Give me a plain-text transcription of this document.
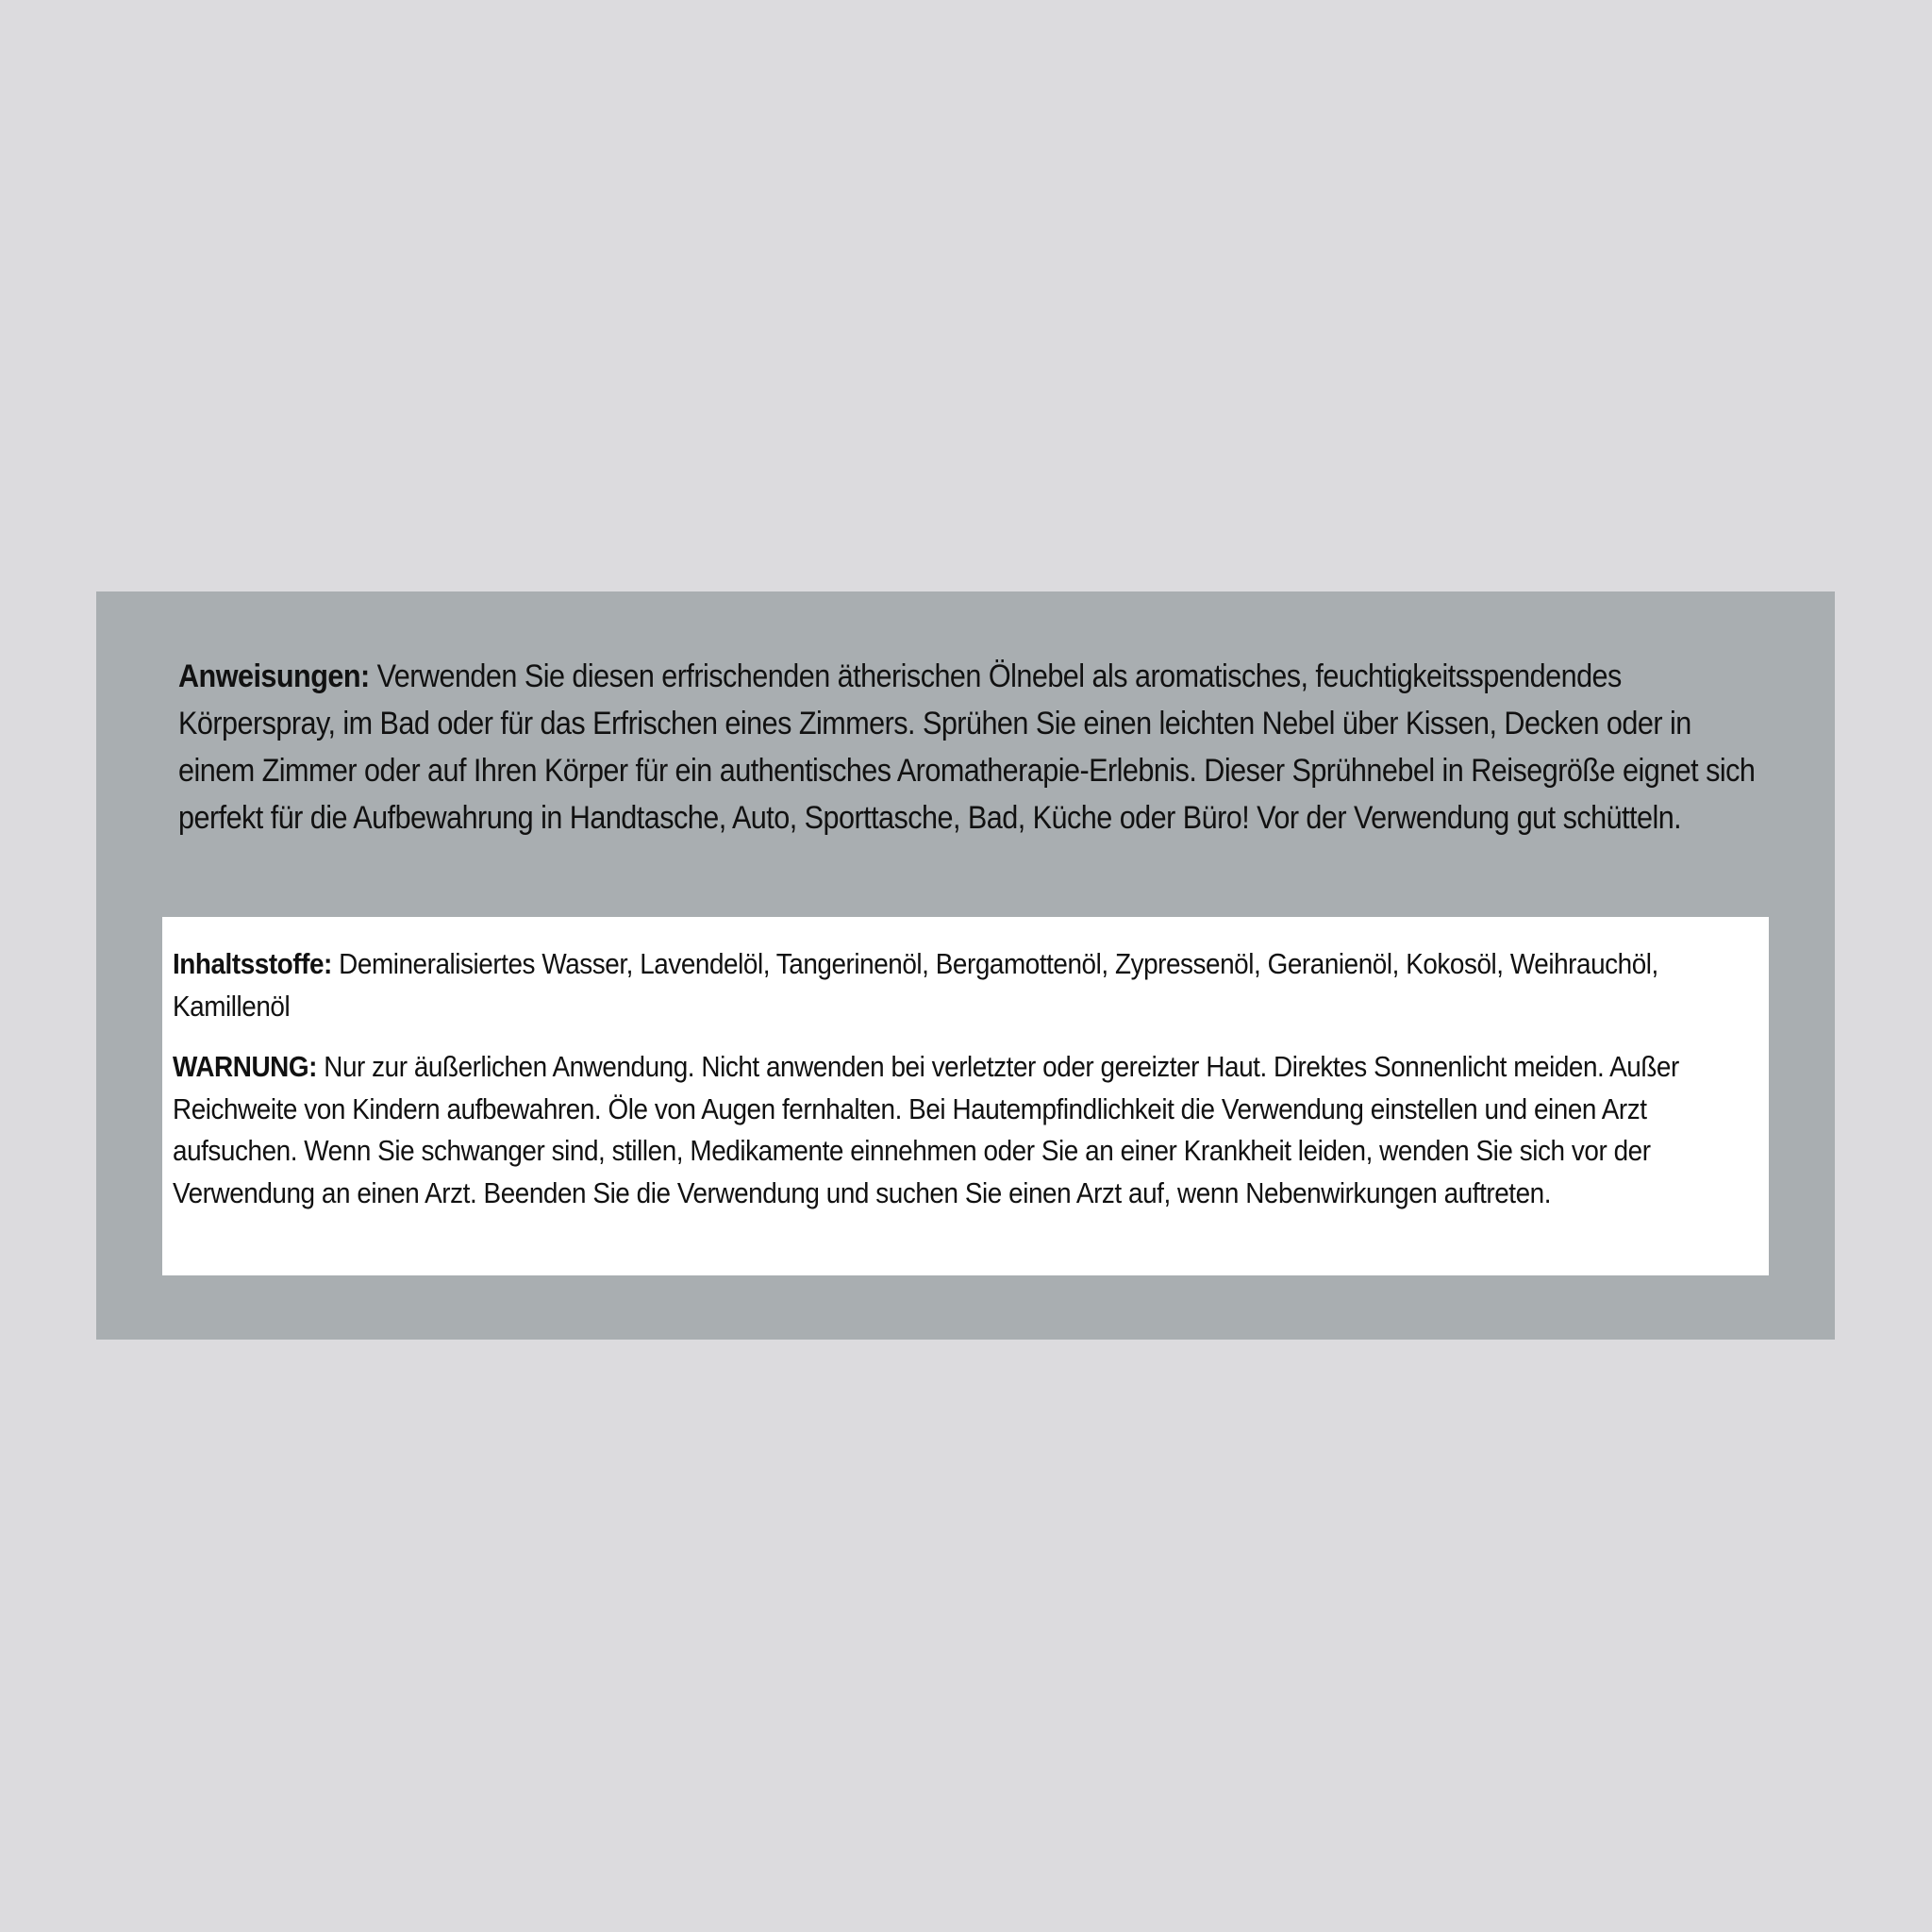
Anweisungen: Verwenden Sie diesen erfrischenden ätherischen Ölnebel als aromatisches, feuchtigkeitsspendendes Körperspray, im Bad oder für das Erfrischen eines Zimmers. Sprühen Sie einen leichten Nebel über Kissen, Decken oder in einem Zimmer oder auf Ihren Körper für ein authentisches Aromatherapie-Erlebnis. Dieser Sprühnebel in Reisegröße eignet sich perfekt für die Aufbewahrung in Handtasche, Auto, Sporttasche, Bad, Küche oder Büro! Vor der Verwendung gut schütteln.

Inhaltsstoffe: Demineralisiertes Wasser, Lavendelöl, Tangerinenöl, Bergamottenöl, Zypressenöl, Geranienöl, Kokosöl, Weihrauchöl, Kamillenöl

WARNUNG: Nur zur äußerlichen Anwendung. Nicht anwenden bei verletzter oder gereizter Haut. Direktes Sonnenlicht meiden. Außer Reichweite von Kindern aufbewahren. Öle von Augen fernhalten. Bei Hautempfindlichkeit die Verwendung einstellen und einen Arzt aufsuchen. Wenn Sie schwanger sind, stillen, Medikamente einnehmen oder Sie an einer Krankheit leiden, wenden Sie sich vor der Verwendung an einen Arzt. Beenden Sie die Verwendung und suchen Sie einen Arzt auf, wenn Nebenwirkungen auftreten.
